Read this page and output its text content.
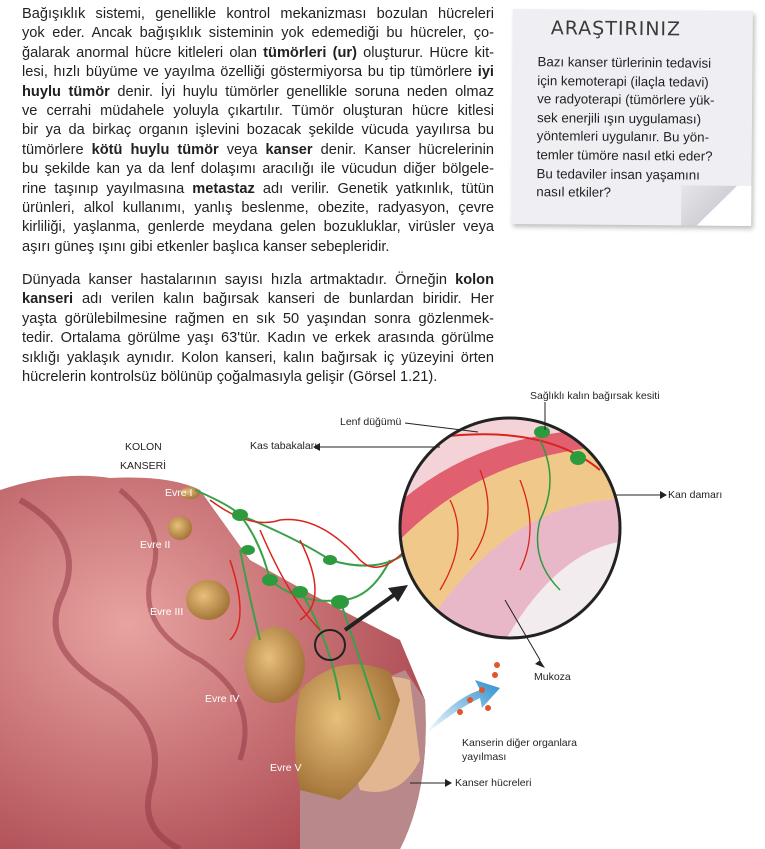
Bağışıklık sistemi, genellikle kontrol mekanizması bozulan hücreleri
yok eder. Ancak bağışıklık sisteminin yok edemediği bu hücreler, ço-
ğalarak anormal hücre kitleleri olan tümörleri (ur) oluşturur. Hücre kit-
lesi, hızlı büyüme ve yayılma özelliği göstermiyorsa bu tip tümörlere iyi
huylu tümör denir. İyi huylu tümörler genellikle soruna neden olmaz
ve cerrahi müdahele yoluyla çıkartılır. Tümör oluşturan hücre kitlesi
bir ya da birkaç organın işlevini bozacak şekilde vücuda yayılırsa bu
tümörlere kötü huylu tümör veya kanser denir. Kanser hücrelerinin
bu şekilde kan ya da lenf dolaşımı aracılığı ile vücudun diğer bölgele-
rine taşınıp yayılmasına metastaz adı verilir. Genetik yatkınlık, tütün
ürünleri, alkol kullanımı, yanlış beslenme, obezite, radyasyon, çevre
kirliliği, yaşlanma, genlerde meydana gelen bozukluklar, virüsler veya
aşırı güneş ışını gibi etkenler başlıca kanser sebepleridir.
Dünyada kanser hastalarının sayısı hızla artmaktadır. Örneğin kolon
kanseri adı verilen kalın bağırsak kanseri de bunlardan biridir. Her
yaşta görülebilmesine rağmen en sık 50 yaşından sonra gözlenmek-
tedir. Ortalama görülme yaşı 63'tür. Kadın ve erkek arasında görülme
sıklığı yaklaşık aynıdır. Kolon kanseri, kalın bağırsak iç yüzeyini örten
hücrelerin kontrolsüz bölünüp çoğalmasıyla gelişir (Görsel 1.21).
ARAŞTIRINIZ
Bazı kanser türlerinin tedavisi
için kemoterapi (ilaçla tedavi)
ve radyoterapi (tümörlere yük-
sek enerjili ışın uygulaması)
yöntemleri uygulanır. Bu yön-
temler tümöre nasıl etki eder?
Bu tedaviler insan yaşamını
nasıl etkiler?
Sağlıklı kalın bağırsak kesiti
Lenf düğümü
Kas tabakaları
KOLON
KANSERİ
Kan damarı
Mukoza
Kanserin diğer organlara
yayılması
Kanser hücreleri
Evre I
Evre II
Evre III
Evre IV
Evre V
